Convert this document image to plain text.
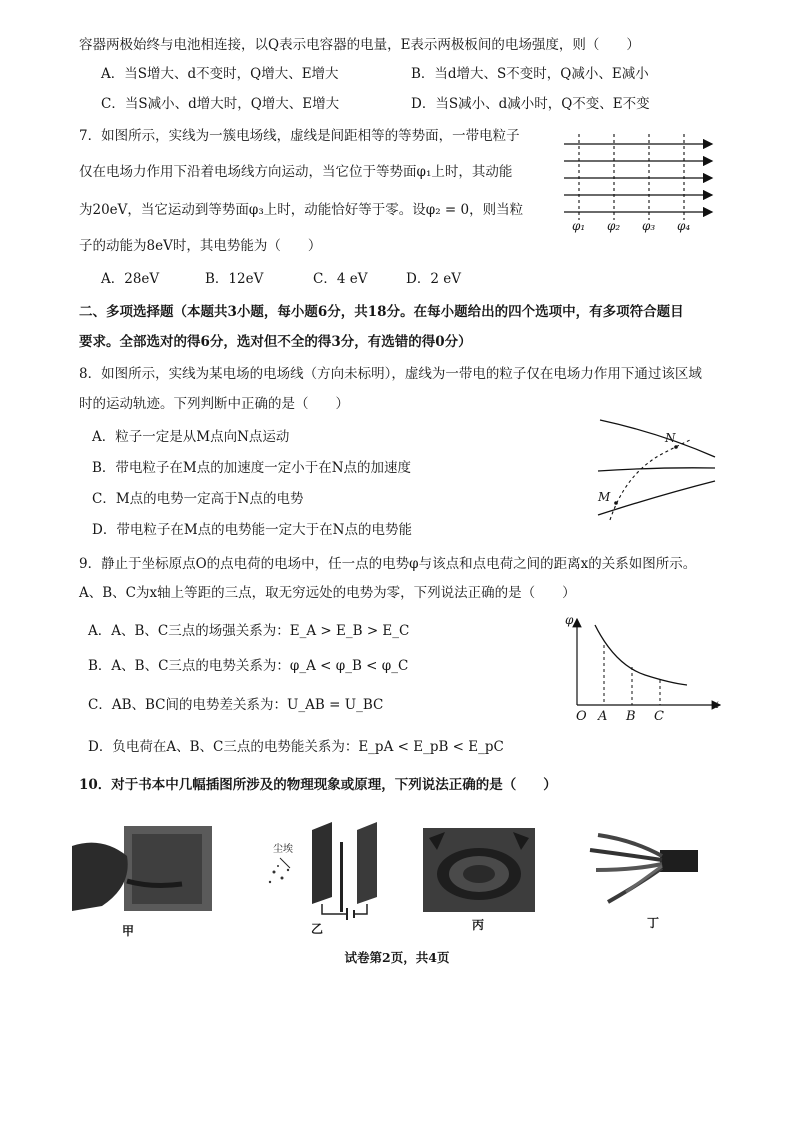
容器两极始终与电池相连接，以Q表示电容器的电量，E表示两极板间的电场强度，则（　　）
A．当S增大、d不变时，Q增大、E增大	B．当d增大、S不变时，Q减小、E减小
C．当S减小、d增大时，Q增大、E增大	D．当S减小、d减小时，Q不变、E不变
7．如图所示，实线为一簇电场线，虚线是间距相等的等势面，一带电粒子
仅在电场力作用下沿着电场线方向运动，当它位于等势面φ₁上时，其动能
为20eV，当它运动到等势面φ₃上时，动能恰好等于零。设φ₂ = 0，则当粒
子的动能为8eV时，其电势能为（　　）
A．28eV	B．12eV	C．4 eV	D．2 eV
φ₁ φ₂ φ₃ φ₄
二、多项选择题（本题共3小题，每小题6分，共18分。在每小题给出的四个选项中，有多项符合题目
要求。全部选对的得6分，选对但不全的得3分，有选错的得0分）
8．如图所示，实线为某电场的电场线（方向未标明），虚线为一带电的粒子仅在电场力作用下通过该区域
时的运动轨迹。下列判断中正确的是（　　）
A．粒子一定是从M点向N点运动
B．带电粒子在M点的加速度一定小于在N点的加速度
C．M点的电势一定高于N点的电势
D．带电粒子在M点的电势能一定大于在N点的电势能
N
M
9．静止于坐标原点O的点电荷的电场中，任一点的电势φ与该点和点电荷之间的距离x的关系如图所示。
A、B、C为x轴上等距的三点，取无穷远处的电势为零，下列说法正确的是（　　）
A．A、B、C三点的场强关系为：E_A > E_B > E_C
B．A、B、C三点的电势关系为：φ_A < φ_B < φ_C
C．AB、BC间的电势差关系为：U_AB = U_BC
D．负电荷在A、B、C三点的电势能关系为：E_pA < E_pB < E_pC
φ
x
O A B C
10．对于书本中几幅插图所涉及的物理现象或原理，下列说法正确的是（　　）
尘埃
甲	乙	丙	丁
试卷第2页，共4页
